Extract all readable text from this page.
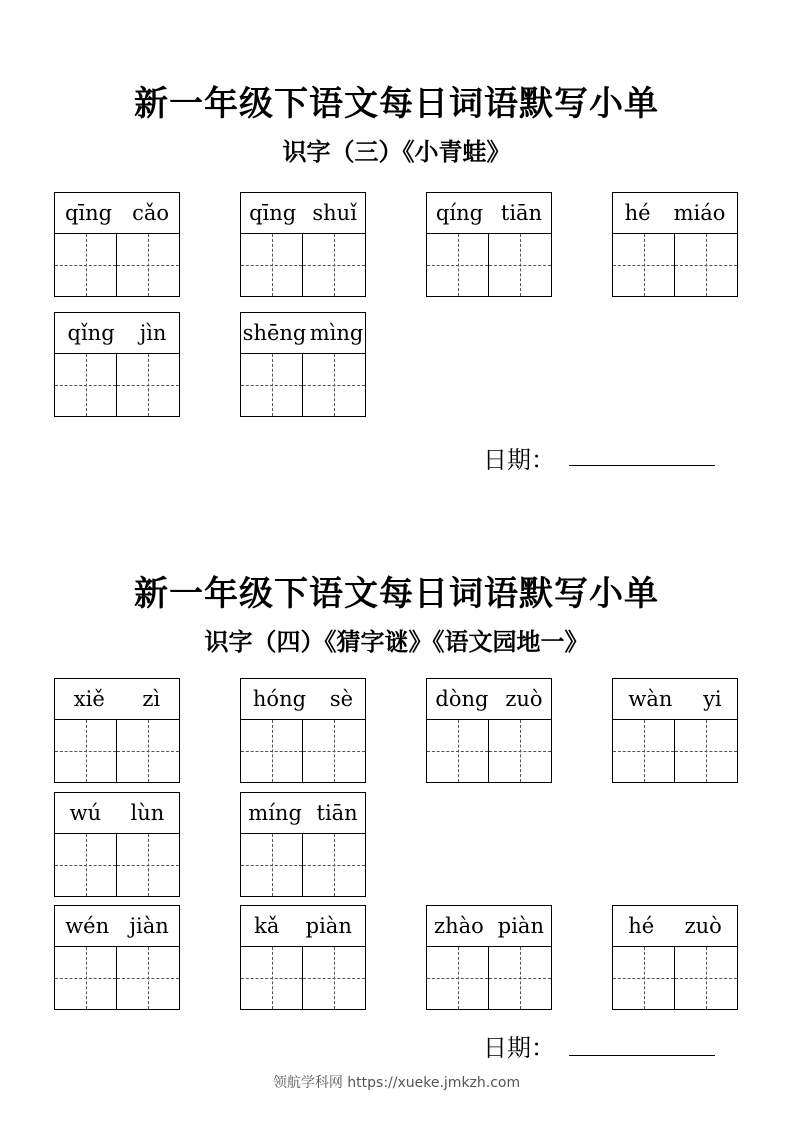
新一年级下语文每日词语默写小单
识字（三）《小青蛙》
qīng cǎo	qīng shuǐ	qíng tiān	hé miáo
qǐng jìn	shēng mìng
日期：
新一年级下语文每日词语默写小单
识字（四）《猜字谜》《语文园地一》
xiě zì	hóng sè	dòng zuò	wàn yi
wú lùn	míng tiān
wén jiàn	kǎ piàn	zhào piàn	hé zuò
日期：
领航学科网 https://xueke.jmkzh.com
